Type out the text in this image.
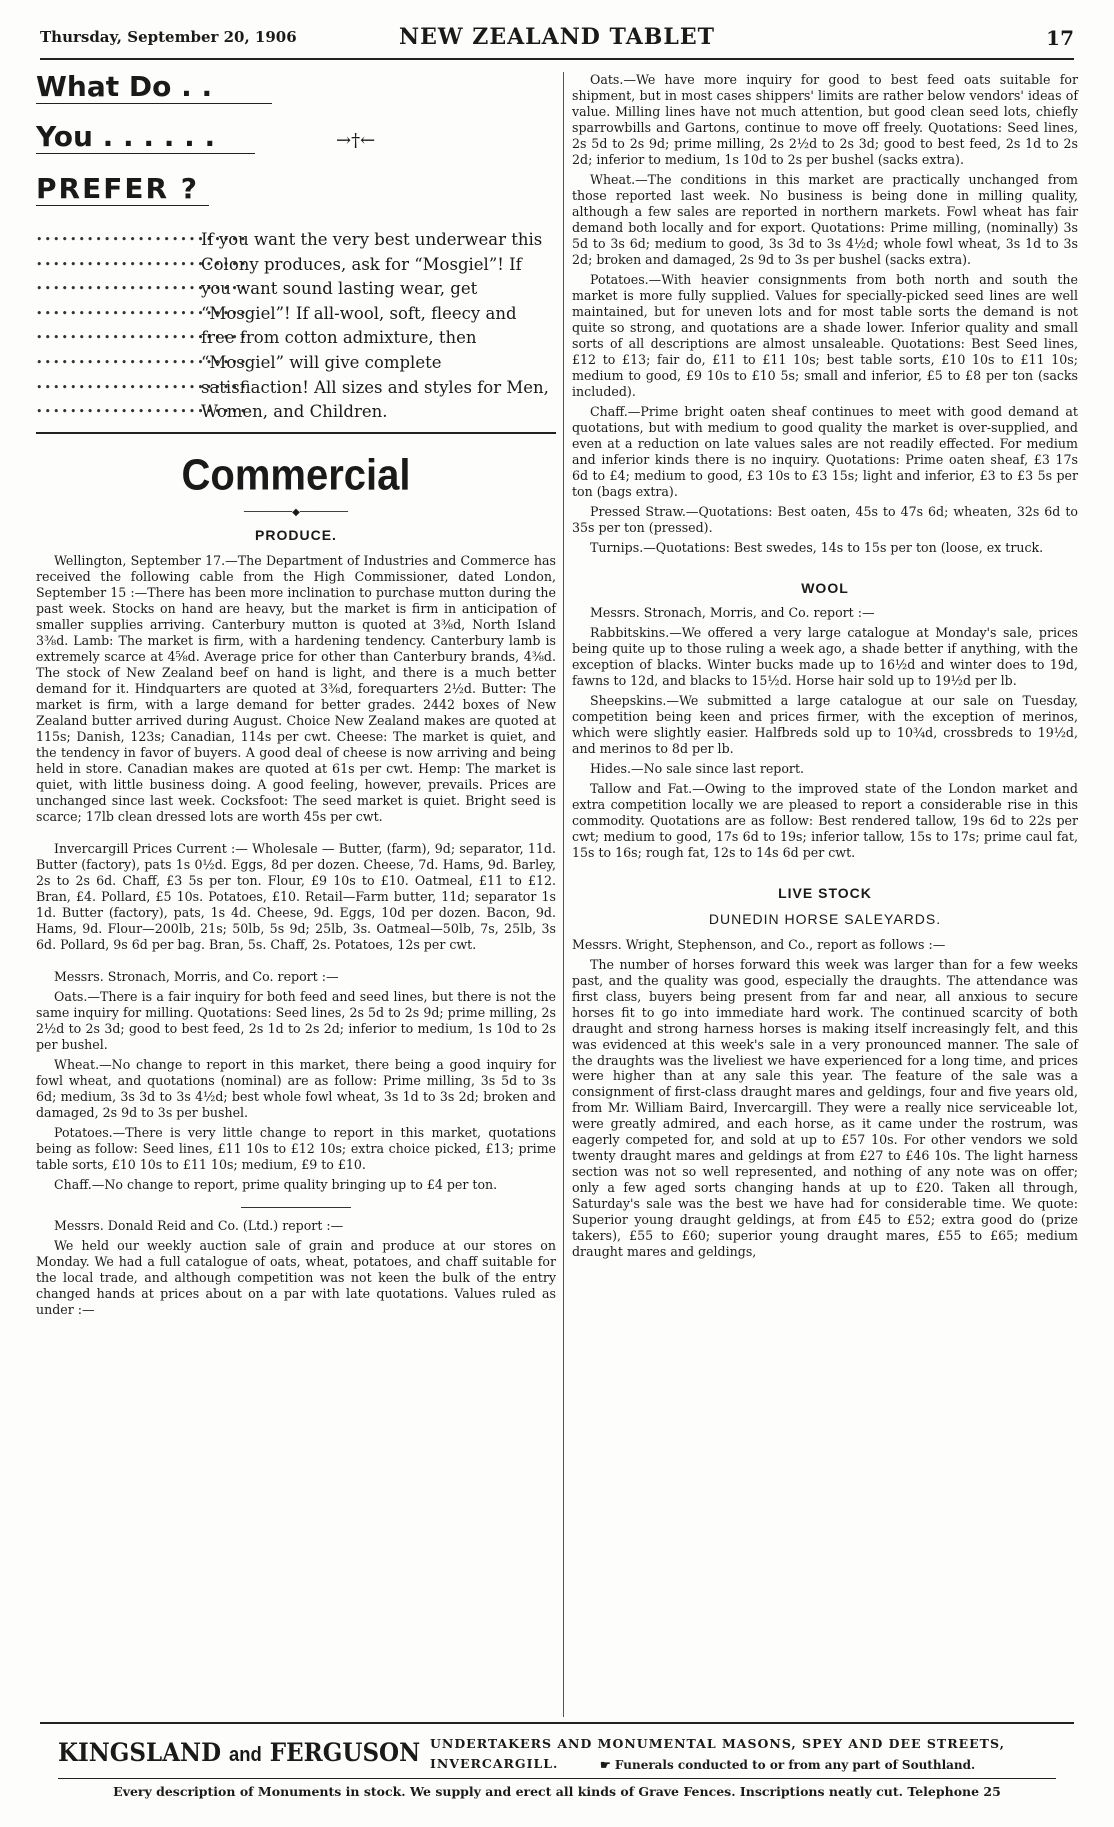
Thursday, September 20, 1906	NEW ZEALAND TABLET	17
What Do . .
You . . . . . .	→†←
PREFER ?
•••••••••••••••••••••••••
•••••••••••••••••••••••••
•••••••••••••••••••••••••
•••••••••••••••••••••••••
•••••••••••••••••••••••••
•••••••••••••••••••••••••
•••••••••••••••••••••••••
•••••••••••••••••••••••••
If you want the very best underwear this Colony produces, ask for “Mosgiel”! If you want sound lasting wear, get “Mosgiel”! If all-wool, soft, fleecy and free from cotton admixture, then “Mosgiel” will give complete satisfiaction! All sizes and styles for Men, Women, and Children.
Commercial
────────◆────────
PRODUCE.

Wellington, September 17.—The Department of Industries and Commerce has received the following cable from the High Commissioner, dated London, September 15 :—There has been more inclination to purchase mutton during the past week. Stocks on hand are heavy, but the market is firm in anticipation of smaller supplies arriving. Canterbury mutton is quoted at 3⅜d, North Island 3⅜d. Lamb: The market is firm, with a hardening tendency. Canterbury lamb is extremely scarce at 4⅝d. Average price for other than Canterbury brands, 4⅜d. The stock of New Zealand beef on hand is light, and there is a much better demand for it. Hindquarters are quoted at 3⅜d, forequarters 2½d. Butter: The market is firm, with a large demand for better grades. 2442 boxes of New Zealand butter arrived during August. Choice New Zealand makes are quoted at 115s; Danish, 123s; Canadian, 114s per cwt. Cheese: The market is quiet, and the tendency in favor of buyers. A good deal of cheese is now arriving and being held in store. Canadian makes are quoted at 61s per cwt. Hemp: The market is quiet, with little business doing. A good feeling, however, prevails. Prices are unchanged since last week. Cocksfoot: The seed market is quiet. Bright seed is scarce; 17lb clean dressed lots are worth 45s per cwt.

Invercargill Prices Current :— Wholesale — Butter, (farm), 9d; separator, 11d. Butter (factory), pats 1s 0½d. Eggs, 8d per dozen. Cheese, 7d. Hams, 9d. Barley, 2s to 2s 6d. Chaff, £3 5s per ton. Flour, £9 10s to £10. Oatmeal, £11 to £12. Bran, £4. Pollard, £5 10s. Potatoes, £10. Retail—Farm butter, 11d; separator 1s 1d. Butter (factory), pats, 1s 4d. Cheese, 9d. Eggs, 10d per dozen. Bacon, 9d. Hams, 9d. Flour—200lb, 21s; 50lb, 5s 9d; 25lb, 3s. Oatmeal—50lb, 7s, 25lb, 3s 6d. Pollard, 9s 6d per bag. Bran, 5s. Chaff, 2s. Potatoes, 12s per cwt.

Messrs. Stronach, Morris, and Co. report :—

Oats.—There is a fair inquiry for both feed and seed lines, but there is not the same inquiry for milling. Quotations: Seed lines, 2s 5d to 2s 9d; prime milling, 2s 2½d to 2s 3d; good to best feed, 2s 1d to 2s 2d; inferior to medium, 1s 10d to 2s per bushel.

Wheat.—No change to report in this market, there being a good inquiry for fowl wheat, and quotations (nominal) are as follow: Prime milling, 3s 5d to 3s 6d; medium, 3s 3d to 3s 4½d; best whole fowl wheat, 3s 1d to 3s 2d; broken and damaged, 2s 9d to 3s per bushel.

Potatoes.—There is very little change to report in this market, quotations being as follow: Seed lines, £11 10s to £12 10s; extra choice picked, £13; prime table sorts, £10 10s to £11 10s; medium, £9 to £10.

Chaff.—No change to report, prime quality bringing up to £4 per ton.

Messrs. Donald Reid and Co. (Ltd.) report :—

We held our weekly auction sale of grain and produce at our stores on Monday. We had a full catalogue of oats, wheat, potatoes, and chaff suitable for the local trade, and although competition was not keen the bulk of the entry changed hands at prices about on a par with late quotations. Values ruled as under :—

Oats.—We have more inquiry for good to best feed oats suitable for shipment, but in most cases shippers' limits are rather below vendors' ideas of value. Milling lines have not much attention, but good clean seed lots, chiefly sparrowbills and Gartons, continue to move off freely. Quotations: Seed lines, 2s 5d to 2s 9d; prime milling, 2s 2½d to 2s 3d; good to best feed, 2s 1d to 2s 2d; inferior to medium, 1s 10d to 2s per bushel (sacks extra).

Wheat.—The conditions in this market are practically unchanged from those reported last week. No business is being done in milling quality, although a few sales are reported in northern markets. Fowl wheat has fair demand both locally and for export. Quotations: Prime milling, (nominally) 3s 5d to 3s 6d; medium to good, 3s 3d to 3s 4½d; whole fowl wheat, 3s 1d to 3s 2d; broken and damaged, 2s 9d to 3s per bushel (sacks extra).

Potatoes.—With heavier consignments from both north and south the market is more fully supplied. Values for specially-picked seed lines are well maintained, but for uneven lots and for most table sorts the demand is not quite so strong, and quotations are a shade lower. Inferior quality and small sorts of all descriptions are almost unsaleable. Quotations: Best Seed lines, £12 to £13; fair do, £11 to £11 10s; best table sorts, £10 10s to £11 10s; medium to good, £9 10s to £10 5s; small and inferior, £5 to £8 per ton (sacks included).

Chaff.—Prime bright oaten sheaf continues to meet with good demand at quotations, but with medium to good quality the market is over-supplied, and even at a reduction on late values sales are not readily effected. For medium and inferior kinds there is no inquiry. Quotations: Prime oaten sheaf, £3 17s 6d to £4; medium to good, £3 10s to £3 15s; light and inferior, £3 to £3 5s per ton (bags extra).

Pressed Straw.—Quotations: Best oaten, 45s to 47s 6d; wheaten, 32s 6d to 35s per ton (pressed).

Turnips.—Quotations: Best swedes, 14s to 15s per ton (loose, ex truck.

WOOL

Messrs. Stronach, Morris, and Co. report :—

Rabbitskins.—We offered a very large catalogue at Monday's sale, prices being quite up to those ruling a week ago, a shade better if anything, with the exception of blacks. Winter bucks made up to 16½d and winter does to 19d, fawns to 12d, and blacks to 15½d. Horse hair sold up to 19½d per lb.

Sheepskins.—We submitted a large catalogue at our sale on Tuesday, competition being keen and prices firmer, with the exception of merinos, which were slightly easier. Halfbreds sold up to 10¾d, crossbreds to 19½d, and merinos to 8d per lb.

Hides.—No sale since last report.

Tallow and Fat.—Owing to the improved state of the London market and extra competition locally we are pleased to report a considerable rise in this commodity. Quotations are as follow: Best rendered tallow, 19s 6d to 22s per cwt; medium to good, 17s 6d to 19s; inferior tallow, 15s to 17s; prime caul fat, 15s to 16s; rough fat, 12s to 14s 6d per cwt.

LIVE STOCK
DUNEDIN HORSE SALEYARDS.

Messrs. Wright, Stephenson, and Co., report as follows :—

The number of horses forward this week was larger than for a few weeks past, and the quality was good, especially the draughts. The attendance was first class, buyers being present from far and near, all anxious to secure horses fit to go into immediate hard work. The continued scarcity of both draught and strong harness horses is making itself increasingly felt, and this was evidenced at this week's sale in a very pronounced manner. The sale of the draughts was the liveliest we have experienced for a long time, and prices were higher than at any sale this year. The feature of the sale was a consignment of first-class draught mares and geldings, four and five years old, from Mr. William Baird, Invercargill. They were a really nice serviceable lot, were greatly admired, and each horse, as it came under the rostrum, was eagerly competed for, and sold at up to £57 10s. For other vendors we sold twenty draught mares and geldings at from £27 to £46 10s. The light harness section was not so well represented, and nothing of any note was on offer; only a few aged sorts changing hands at up to £20. Taken all through, Saturday's sale was the best we have had for considerable time. We quote: Superior young draught geldings, at from £45 to £52; extra good do (prize takers), £55 to £60; superior young draught mares, £55 to £65; medium draught mares and geldings,

KINGSLAND and FERGUSON UNDERTAKERS AND MONUMENTAL MASONS, SPEY AND DEE STREETS,
INVERCARGILL.	☛ Funerals conducted to or from any part of Southland.
Every description of Monuments in stock. We supply and erect all kinds of Grave Fences. Inscriptions neatly cut. Telephone 25
